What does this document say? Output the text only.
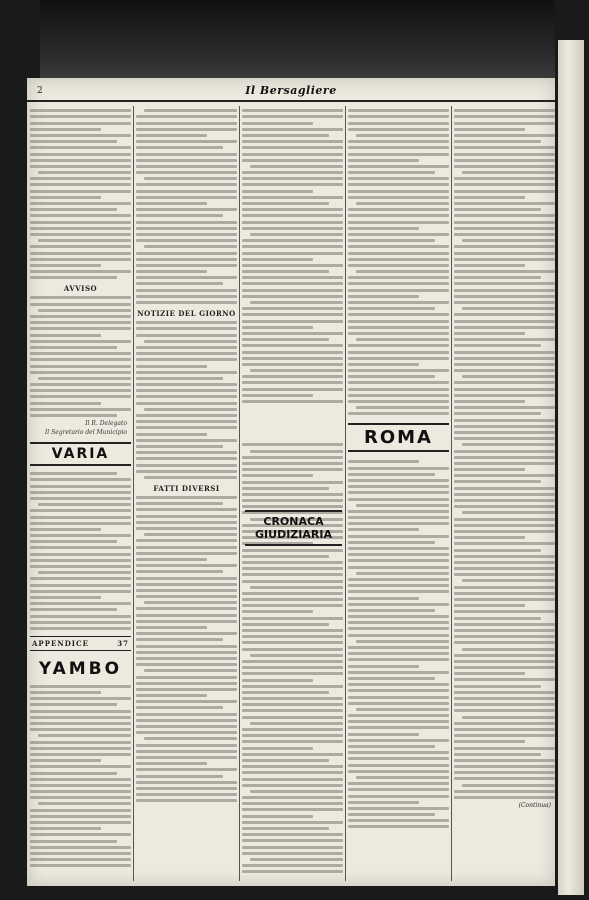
2	Il Bersagliere
AVVISO
Il R. Delegato
Il Segretario del Municipio
VARIA
APPENDICE	37
YAMBO
NOTIZIE DEL GIORNO
FATTI DIVERSI
CRONACA GIUDIZIARIA
ROMA
(Continua)
